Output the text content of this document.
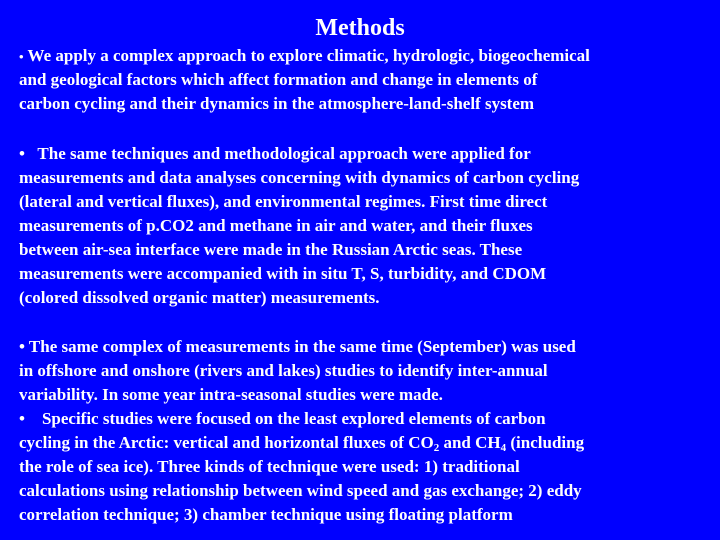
Methods
• We apply a complex approach to explore climatic, hydrologic, biogeochemical
and geological factors which affect formation and change in elements of
carbon cycling and their dynamics in the atmosphere-land-shelf system
• The same techniques and methodological approach were applied for
measurements and data analyses concerning with dynamics of carbon cycling
(lateral and vertical fluxes), and environmental regimes. First time direct
measurements of p.CO2 and methane in air and water, and their fluxes
between air-sea interface were made in the Russian Arctic seas. These
measurements were accompanied with in situ T, S, turbidity, and CDOM
(colored dissolved organic matter) measurements.
• The same complex of measurements in the same time (September) was used
in offshore and onshore (rivers and lakes) studies to identify inter-annual
variability. In some year intra-seasonal studies were made.
• Specific studies were focused on the least explored elements of carbon
cycling in the Arctic: vertical and horizontal fluxes of $CO_2$ and $CH_4$ (including
the role of sea ice). Three kinds of technique were used: 1) traditional
calculations using relationship between wind speed and gas exchange; 2) eddy
correlation technique; 3) chamber technique using floating platform
